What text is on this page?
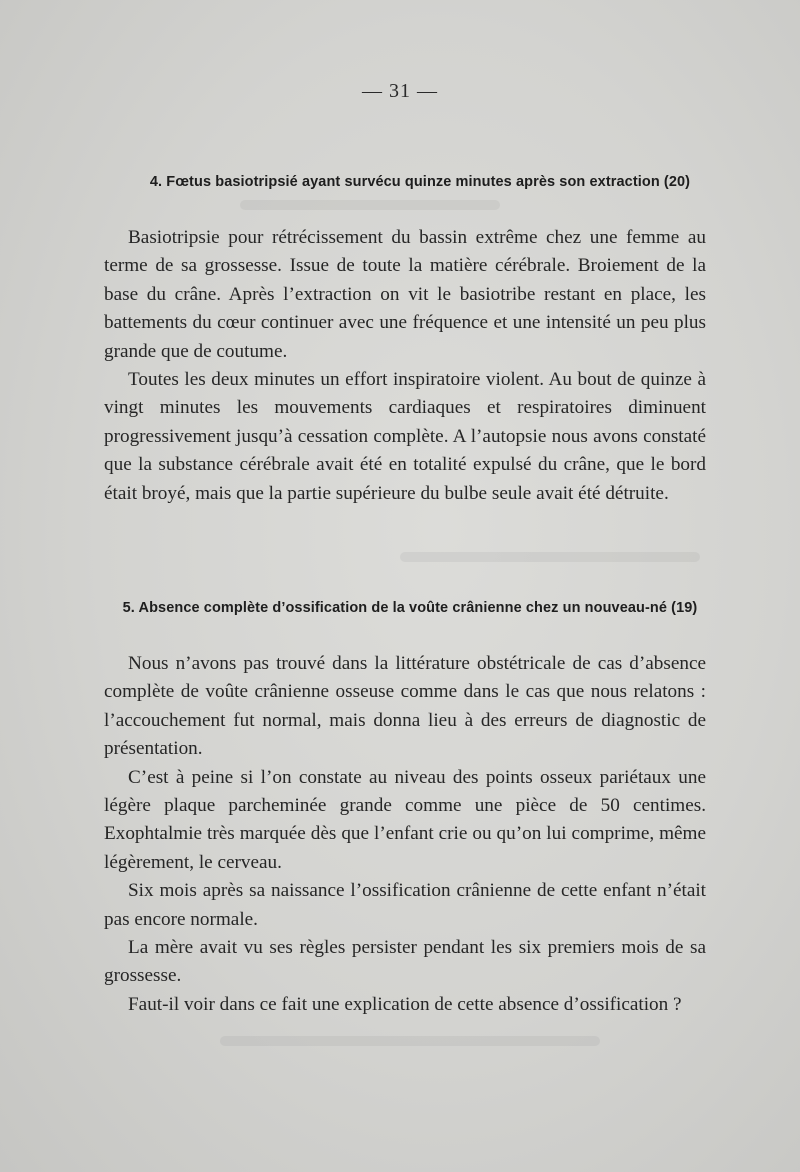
— 31 —
4. Fœtus basiotripsié ayant survécu quinze minutes après son extraction (20)

Basiotripsie pour rétrécissement du bassin extrême chez une femme au terme de sa grossesse. Issue de toute la matière cérébrale. Broiement de la base du crâne. Après l’extraction on vit le basiotribe restant en place, les battements du cœur continuer avec une fréquence et une intensité un peu plus grande que de coutume.

Toutes les deux minutes un effort inspiratoire violent. Au bout de quinze à vingt minutes les mouvements cardiaques et respiratoires diminuent progressivement jusqu’à cessation complète. A l’autopsie nous avons constaté que la substance cérébrale avait été en totalité expulsé du crâne, que le bord était broyé, mais que la partie supérieure du bulbe seule avait été détruite.

5. Absence complète d’ossification de la voûte crânienne chez un nouveau-né (19)

Nous n’avons pas trouvé dans la littérature obstétricale de cas d’absence complète de voûte crânienne osseuse comme dans le cas que nous relatons : l’accouchement fut normal, mais donna lieu à des erreurs de diagnostic de présentation.

C’est à peine si l’on constate au niveau des points osseux pariétaux une légère plaque parcheminée grande comme une pièce de 50 centimes. Exophtalmie très marquée dès que l’enfant crie ou qu’on lui comprime, même légèrement, le cerveau.

Six mois après sa naissance l’ossification crânienne de cette enfant n’était pas encore normale.

La mère avait vu ses règles persister pendant les six premiers mois de sa grossesse.

Faut-il voir dans ce fait une explication de cette absence d’ossification ?
